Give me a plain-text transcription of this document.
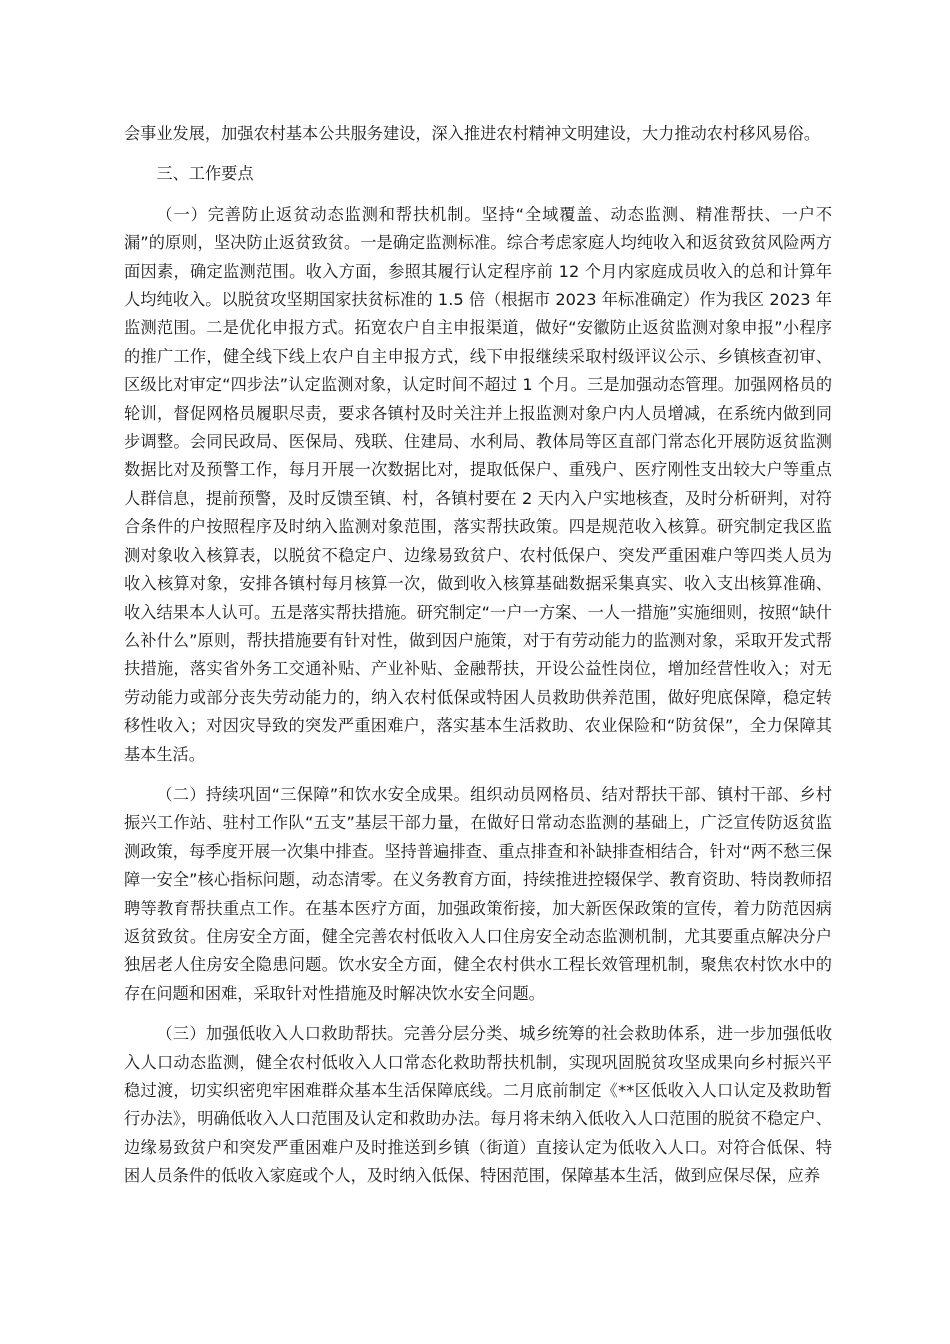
会事业发展，加强农村基本公共服务建设，深入推进农村精神文明建设，大力推动农村移风易俗。

三、工作要点

（一）完善防止返贫动态监测和帮扶机制。坚持“全域覆盖、动态监测、精准帮扶、一户不漏”的原则，坚决防止返贫致贫。一是确定监测标准。综合考虑家庭人均纯收入和返贫致贫风险两方面因素，确定监测范围。收入方面，参照其履行认定程序前 12 个月内家庭成员收入的总和计算年人均纯收入。以脱贫攻坚期国家扶贫标准的 1.5 倍（根据市 2023 年标准确定）作为我区 2023 年监测范围。二是优化申报方式。拓宽农户自主申报渠道，做好“安徽防止返贫监测对象申报”小程序的推广工作，健全线下线上农户自主申报方式，线下申报继续采取村级评议公示、乡镇核查初审、区级比对审定“四步法”认定监测对象，认定时间不超过 1 个月。三是加强动态管理。加强网格员的轮训，督促网格员履职尽责，要求各镇村及时关注并上报监测对象户内人员增减，在系统内做到同步调整。会同民政局、医保局、残联、住建局、水利局、教体局等区直部门常态化开展防返贫监测数据比对及预警工作，每月开展一次数据比对，提取低保户、重残户、医疗刚性支出较大户等重点人群信息，提前预警，及时反馈至镇、村，各镇村要在 2 天内入户实地核查，及时分析研判，对符合条件的户按照程序及时纳入监测对象范围，落实帮扶政策。四是规范收入核算。研究制定我区监测对象收入核算表，以脱贫不稳定户、边缘易致贫户、农村低保户、突发严重困难户等四类人员为收入核算对象，安排各镇村每月核算一次，做到收入核算基础数据采集真实、收入支出核算准确、收入结果本人认可。五是落实帮扶措施。研究制定“一户一方案、一人一措施”实施细则，按照“缺什么补什么”原则，帮扶措施要有针对性，做到因户施策，对于有劳动能力的监测对象，采取开发式帮扶措施，落实省外务工交通补贴、产业补贴、金融帮扶，开设公益性岗位，增加经营性收入；对无劳动能力或部分丧失劳动能力的，纳入农村低保或特困人员救助供养范围，做好兜底保障，稳定转移性收入；对因灾导致的突发严重困难户，落实基本生活救助、农业保险和“防贫保”，全力保障其基本生活。

（二）持续巩固“三保障”和饮水安全成果。组织动员网格员、结对帮扶干部、镇村干部、乡村振兴工作站、驻村工作队“五支”基层干部力量，在做好日常动态监测的基础上，广泛宣传防返贫监测政策，每季度开展一次集中排查。坚持普遍排查、重点排查和补缺排查相结合，针对“两不愁三保障一安全”核心指标问题，动态清零。在义务教育方面，持续推进控辍保学、教育资助、特岗教师招聘等教育帮扶重点工作。在基本医疗方面，加强政策衔接，加大新医保政策的宣传，着力防范因病返贫致贫。住房安全方面，健全完善农村低收入人口住房安全动态监测机制，尤其要重点解决分户独居老人住房安全隐患问题。饮水安全方面，健全农村供水工程长效管理机制，聚焦农村饮水中的存在问题和困难，采取针对性措施及时解决饮水安全问题。

（三）加强低收入人口救助帮扶。完善分层分类、城乡统筹的社会救助体系，进一步加强低收入人口动态监测，健全农村低收入人口常态化救助帮扶机制，实现巩固脱贫攻坚成果向乡村振兴平稳过渡，切实织密兜牢困难群众基本生活保障底线。二月底前制定《**区低收入人口认定及救助暂行办法》，明确低收入人口范围及认定和救助办法。每月将未纳入低收入人口范围的脱贫不稳定户、边缘易致贫户和突发严重困难户及时推送到乡镇（街道）直接认定为低收入人口。对符合低保、特困人员条件的低收入家庭或个人，及时纳入低保、特困范围，保障基本生活，做到应保尽保，应养
